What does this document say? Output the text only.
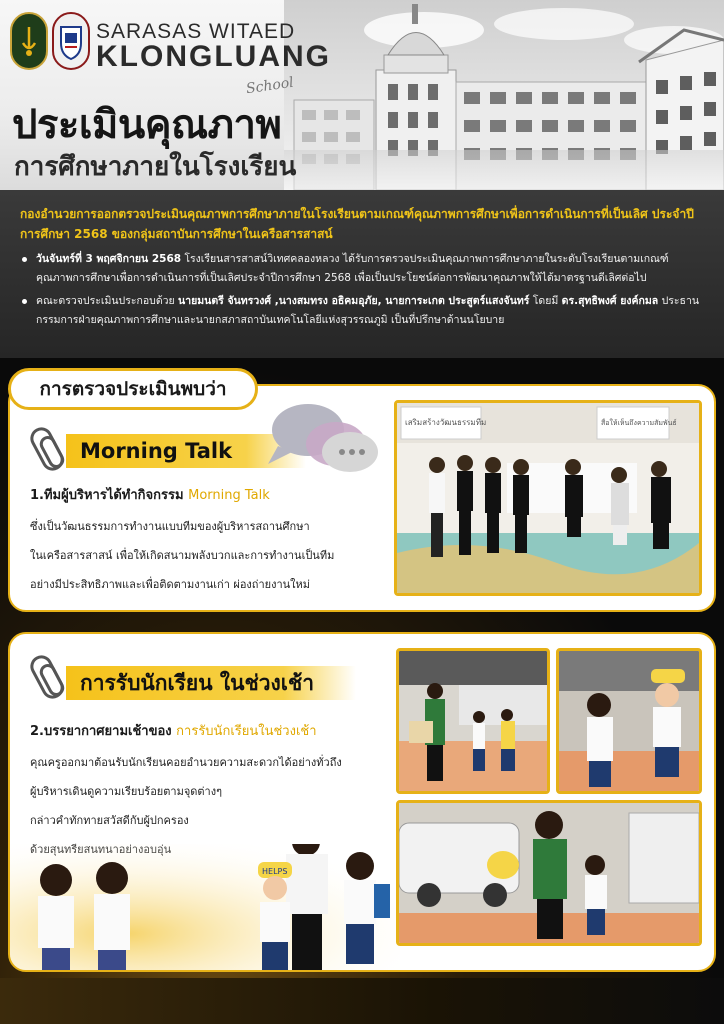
SARASAS WITAED
KLONGLUANG
School
ประเมินคุณภาพ
การศึกษาภายในโรงเรียน
กองอำนวยการออกตรวจประเมินคุณภาพการศึกษาภายในโรงเรียนตามเกณฑ์คุณภาพการศึกษาเพื่อการดำเนินการที่เป็นเลิศ ประจำปีการศึกษา 2568 ของกลุ่มสถาบันการศึกษาในเครือสารสาสน์
วันจันทร์ที่ 3 พฤศจิกายน 2568 โรงเรียนสารสาสน์วิเทศคลองหลวง ได้รับการตรวจประเมินคุณภาพการศึกษาภายในระดับโรงเรียนตามเกณฑ์คุณภาพการศึกษาเพื่อการดำเนินการที่เป็นเลิศประจำปีการศึกษา 2568 เพื่อเป็นประโยชน์ต่อการพัฒนาคุณภาพให้ได้มาตรฐานดีเลิศต่อไป
คณะตรวจประเมินประกอบด้วย นายมนตรี จันทรวงศ์ ,นางสมทรง อธิคมอุภัย, นายการะเกต ประสูตร์แสงจันทร์ โดยมี ดร.สุทธิพงศ์ ยงค์กมล ประธานกรรมการฝ่ายคุณภาพการศึกษาและนายกสภาสถาบันเทคโนโลยีแห่งสุวรรณภูมิ เป็นที่ปรึกษาด้านนโยบาย
Morning Talk
1.ทีมผู้บริหารได้ทำกิจกรรม Morning Talk
ซึ่งเป็นวัฒนธรรมการทำงานแบบทีมของผู้บริหารสถานศึกษา
ในเครือสารสาสน์ เพื่อให้เกิดสนามพลังบวกและการทำงานเป็นทีม
อย่างมีประสิทธิภาพและเพื่อติดตามงานเก่า ผ่องถ่ายงานใหม่
เสริมสร้างวัฒนธรรมทีม	สื่อให้เห็นถึงความสัมพันธ์
การตรวจประเมินพบว่า
การรับนักเรียน ในช่วงเช้า
2.บรรยากาศยามเช้าของ การรับนักเรียนในช่วงเช้า
คุณครูออกมาต้อนรับนักเรียนคอยอำนวยความสะดวกได้อย่างทั่วถึง
ผู้บริหารเดินดูความเรียบร้อยตามจุดต่างๆ
กล่าวคำทักทายสวัสดีกับผู้ปกครอง
HELPS
